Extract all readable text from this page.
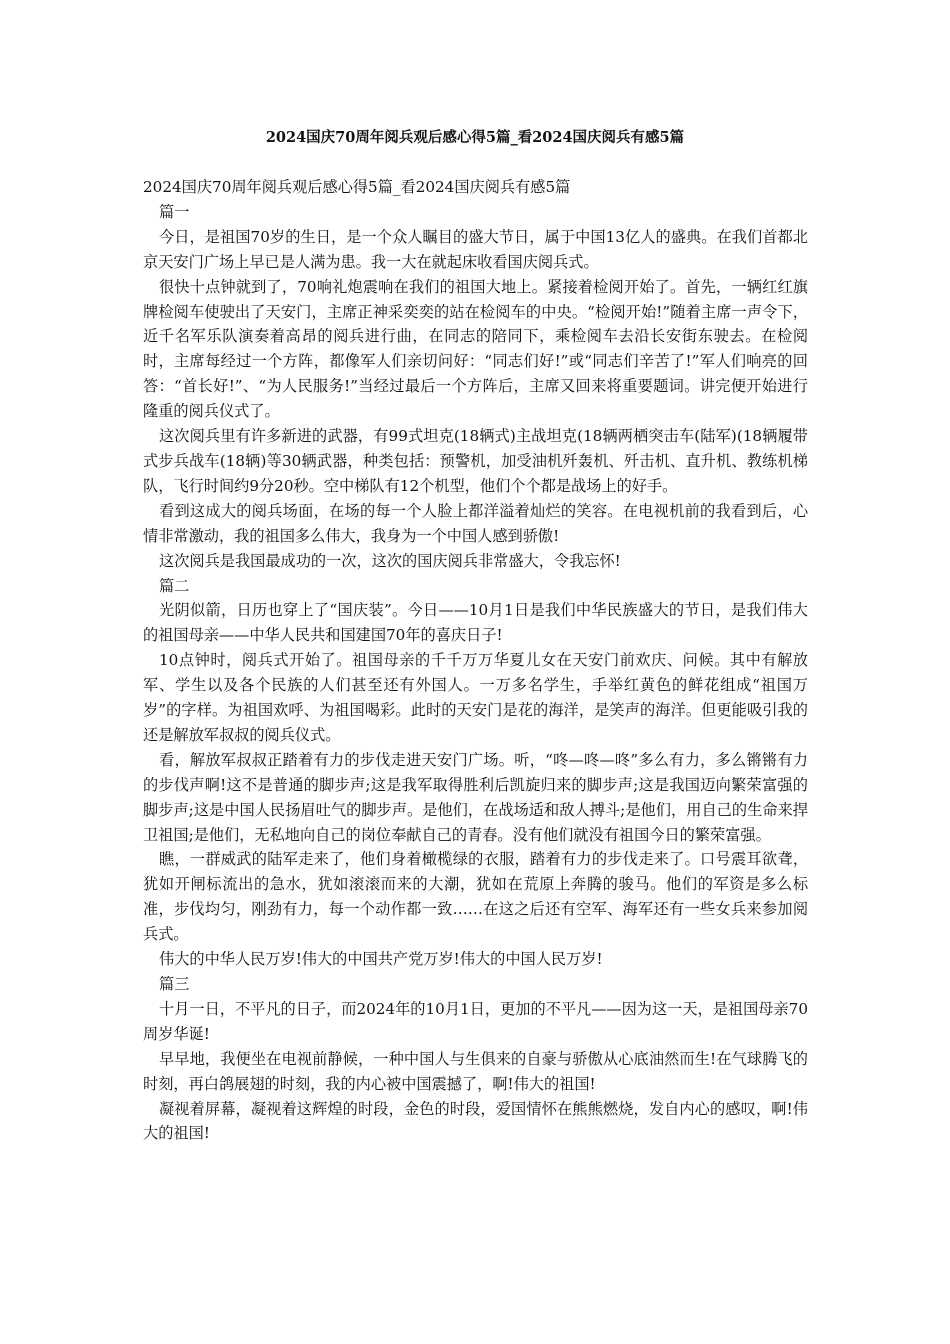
2024国庆70周年阅兵观后感心得5篇_看2024国庆阅兵有感5篇

2024国庆70周年阅兵观后感心得5篇_看2024国庆阅兵有感5篇

篇一

今日，是祖国70岁的生日，是一个众人瞩目的盛大节日，属于中国13亿人的盛典。在我们首都北京天安门广场上早已是人满为患。我一大在就起床收看国庆阅兵式。

很快十点钟就到了，70响礼炮震响在我们的祖国大地上。紧接着检阅开始了。首先，一辆红红旗牌检阅车使驶出了天安门，主席正神采奕奕的站在检阅车的中央。“检阅开始!”随着主席一声令下，近千名军乐队演奏着高昂的阅兵进行曲，在同志的陪同下，乘检阅车去沿长安街东驶去。在检阅时，主席每经过一个方阵，都像军人们亲切问好：“同志们好!”或“同志们辛苦了!”军人们响亮的回答：“首长好!”、“为人民服务!”当经过最后一个方阵后，主席又回来将重要题词。讲完便开始进行隆重的阅兵仪式了。

这次阅兵里有许多新进的武器，有99式坦克(18辆式)主战坦克(18辆两栖突击车(陆军)(18辆履带式步兵战车(18辆)等30辆武器，种类包括：预警机，加受油机歼轰机、歼击机、直升机、教练机梯队，飞行时间约9分20秒。空中梯队有12个机型，他们个个都是战场上的好手。

看到这成大的阅兵场面，在场的每一个人脸上都洋溢着灿烂的笑容。在电视机前的我看到后，心情非常激动，我的祖国多么伟大，我身为一个中国人感到骄傲!

这次阅兵是我国最成功的一次，这次的国庆阅兵非常盛大，令我忘怀!

篇二

光阴似箭，日历也穿上了“国庆装”。今日——10月1日是我们中华民族盛大的节日，是我们伟大的祖国母亲——中华人民共和国建国70年的喜庆日子!

10点钟时，阅兵式开始了。祖国母亲的千千万万华夏儿女在天安门前欢庆、问候。其中有解放军、学生以及各个民族的人们甚至还有外国人。一万多名学生，手举红黄色的鲜花组成“祖国万岁”的字样。为祖国欢呼、为祖国喝彩。此时的天安门是花的海洋，是笑声的海洋。但更能吸引我的还是解放军叔叔的阅兵仪式。

看，解放军叔叔正踏着有力的步伐走进天安门广场。听，“咚—咚—咚”多么有力，多么锵锵有力的步伐声啊!这不是普通的脚步声;这是我军取得胜利后凯旋归来的脚步声;这是我国迈向繁荣富强的脚步声;这是中国人民扬眉吐气的脚步声。是他们，在战场适和敌人搏斗;是他们，用自己的生命来捍卫祖国;是他们，无私地向自己的岗位奉献自己的青春。没有他们就没有祖国今日的繁荣富强。

瞧，一群威武的陆军走来了，他们身着橄榄绿的衣服，踏着有力的步伐走来了。口号震耳欲聋，犹如开闸标流出的急水，犹如滚滚而来的大潮，犹如在荒原上奔腾的骏马。他们的军资是多么标准，步伐均匀，刚劲有力，每一个动作都一致……在这之后还有空军、海军还有一些女兵来参加阅兵式。

伟大的中华人民万岁!伟大的中国共产党万岁!伟大的中国人民万岁!

篇三

十月一日，不平凡的日子，而2024年的10月1日，更加的不平凡——因为这一天，是祖国母亲70周岁华诞!

早早地，我便坐在电视前静候，一种中国人与生俱来的自豪与骄傲从心底油然而生!在气球腾飞的时刻，再白鸽展翅的时刻，我的内心被中国震撼了，啊!伟大的祖国!

凝视着屏幕，凝视着这辉煌的时段，金色的时段，爱国情怀在熊熊燃烧，发自内心的感叹，啊!伟大的祖国!
